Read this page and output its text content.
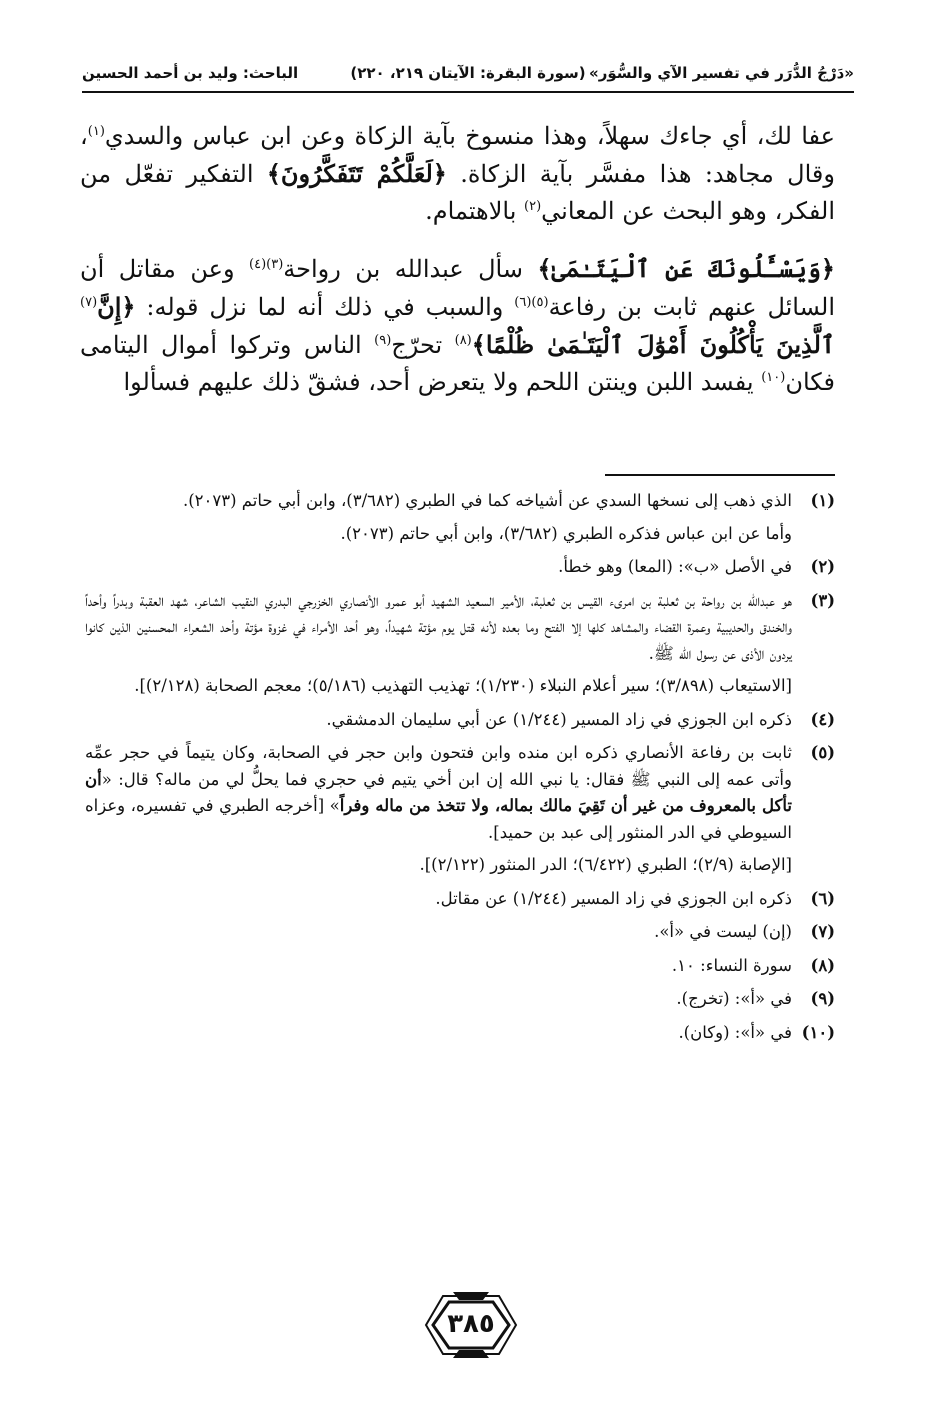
«دَرْجُ الدُّرَر في تفسير الآي والسُّوَر»
(سورة البقرة: الآيتان ٢١٩، ٢٢٠)
الباحث: وليد بن أحمد الحسين

عفا لك، أي جاءك سهلاً، وهذا منسوخ بآية الزكاة وعن ابن عباس والسدي$^{(١)}$، وقال مجاهد: هذا مفسَّر بآية الزكاة. ﴿لَعَلَّكُمْ تَتَفَكَّرُونَ﴾ التفكير تفعّل من الفكر، وهو البحث عن المعاني$^{(٢)}$ بالاهتمام.

﴿وَيَسْـَٔلُونَكَ عَنِ ٱلْيَتَـٰمَىٰ﴾ سأل عبدالله بن رواحة$^{(٣)(٤)}$ وعن مقاتل أن السائل عنهم ثابت بن رفاعة$^{(٥)(٦)}$ والسبب في ذلك أنه لما نزل قوله: ﴿إِنَّ$^{(٧)}$ ٱلَّذِينَ يَأْكُلُونَ أَمْوَٰلَ ٱلْيَتَـٰمَىٰ ظُلْمًا﴾$^{(٨)}$ تحرّج$^{(٩)}$ الناس وتركوا أموال اليتامى فكان$^{(١٠)}$ يفسد اللبن وينتن اللحم ولا يتعرض أحد، فشقّ ذلك عليهم فسألوا

(١)
الذي ذهب إلى نسخها السدي عن أشياخه كما في الطبري (٣/٦٨٢)، وابن أبي حاتم (٢٠٧٣).
وأما عن ابن عباس فذكره الطبري (٣/٦٨٢)، وابن أبي حاتم (٢٠٧٣).
(٢)
في الأصل «ب»: (المعا) وهو خطأ.
(٣)
هو عبدالله بن رواحة بن ثعلبة بن امرىء القيس بن ثعلبة، الأمير السعيد الشهيد أبو عمرو الأنصاري الخزرجي البدري النقيب الشاعر، شهد العقبة وبدراً وأحداً والخندق والحديبية وعمرة القضاء والمشاهد كلها إلا الفتح وما بعده لأنه قتل يوم مؤتة شهيداً، وهو أحد الأمراء في غزوة مؤتة وأحد الشعراء المحسنين الذين كانوا يردون الأذى عن رسول الله ﷺ.
[الاستيعاب (٣/٨٩٨)؛ سير أعلام النبلاء (١/٢٣٠)؛ تهذيب التهذيب (٥/١٨٦)؛ معجم الصحابة (٢/١٢٨)].
(٤)
ذكره ابن الجوزي في زاد المسير (١/٢٤٤) عن أبي سليمان الدمشقي.
(٥)
ثابت بن رفاعة الأنصاري ذكره ابن منده وابن فتحون وابن حجر في الصحابة، وكان يتيماً في حجر عمِّه وأتى عمه إلى النبي ﷺ فقال: يا نبي الله إن ابن أخي يتيم في حجري فما يحلُّ لي من ماله؟ قال: «أن تأكل بالمعروف من غير أن تَقِيَ مالك بماله، ولا تتخذ من ماله وفراً» [أخرجه الطبري في تفسيره، وعزاه السيوطي في الدر المنثور إلى عبد بن حميد].
[الإصابة (٢/٩)؛ الطبري (٦/٤٢٢)؛ الدر المنثور (٢/١٢٢)].
(٦)
ذكره ابن الجوزي في زاد المسير (١/٢٤٤) عن مقاتل.
(٧)
(إن) ليست في «أ».
(٨)
سورة النساء: ١٠.
(٩)
في «أ»: (تخرج).
(١٠)
في «أ»: (وكان).
٣٨٥
